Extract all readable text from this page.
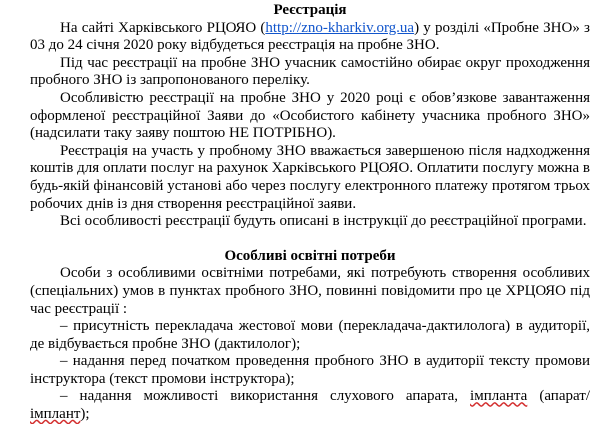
Реєстрація

На сайті Харківського РЦОЯО (http://zno-kharkiv.org.ua) у розділі «Пробне ЗНО» з 03 до 24 січня 2020 року відбудеться реєстрація на пробне ЗНО.

Під час реєстрації на пробне ЗНО учасник самостійно обирає округ проходження пробного ЗНО із запропонованого переліку.

Особливістю реєстрації на пробне ЗНО у 2020 році є обов’язкове завантаження оформленої реєстраційної Заяви до «Особистого кабінету учасника пробного ЗНО» (надсилати таку заяву поштою НЕ ПОТРІБНО).

Реєстрація на участь у пробному ЗНО вважається завершеною після надходження коштів для оплати послуг на рахунок Харківського РЦОЯО. Оплатити послугу можна в будь-якій фінансовій установі або через послугу електронного платежу протягом трьох робочих днів із дня створення реєстраційної заяви.

Всі особливості реєстрації будуть описані в інструкції до реєстраційної програми.

Особливі освітні потреби

Особи з особливими освітніми потребами, які потребують створення особливих (спеціальних) умов в пунктах пробного ЗНО, повинні повідомити про це ХРЦОЯО під час реєстрації :

– присутність перекладача жестової мови (перекладача-дактилолога) в аудиторії, де відбувається пробне ЗНО (дактилолог);

– надання перед початком проведення пробного ЗНО в аудиторії тексту промови інструктора (текст промови інструктора);

– надання можливості використання слухового апарата, імпланта (апарат/імплант);
